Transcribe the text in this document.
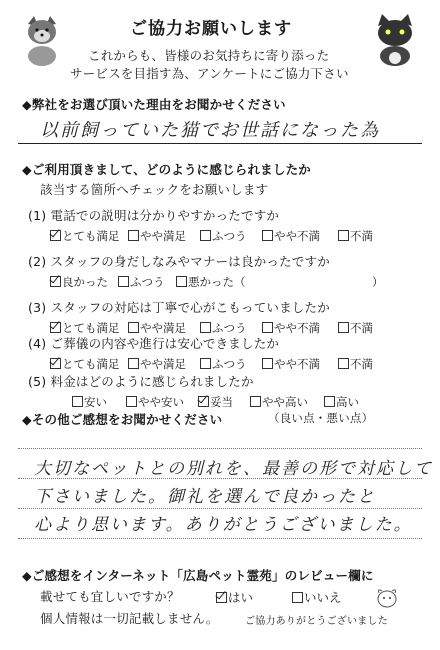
ご協力お願いします
これからも、皆様のお気持ちに寄り添った
サービスを目指す為、アンケートにご協力下さい
◆弊社をお選び頂いた理由をお聞かせください
以前飼っていた猫でお世話になった為
◆ご利用頂きまして、どのように感じられましたか
該当する箇所へチェックをお願いします
(1) 電話での説明は分かりやすかったですか
とても満足	やや満足	ふつう	やや不満	不満
(2) スタッフの身だしなみやマナーは良かったですか
良かった	ふつう	悪かった（	）
(3) スタッフの対応は丁寧で心がこもっていましたか
とても満足	やや満足	ふつう	やや不満	不満
(4) ご葬儀の内容や進行は安心できましたか
とても満足	やや満足	ふつう	やや不満	不満
(5) 料金はどのように感じられましたか
安い	やや安い	妥当	やや高い	高い
◆その他ご感想をお聞かせください	（良い点・悪い点）
大切なペットとの別れを、最善の形で対応して
下さいました。御礼を選んで良かったと
心より思います。ありがとうございました。
◆ご感想をインターネット「広島ペット霊苑」のレビュー欄に
載せても宜しいですか？	はい	いいえ
個人情報は一切記載しません。	ご協力ありがとうございました
